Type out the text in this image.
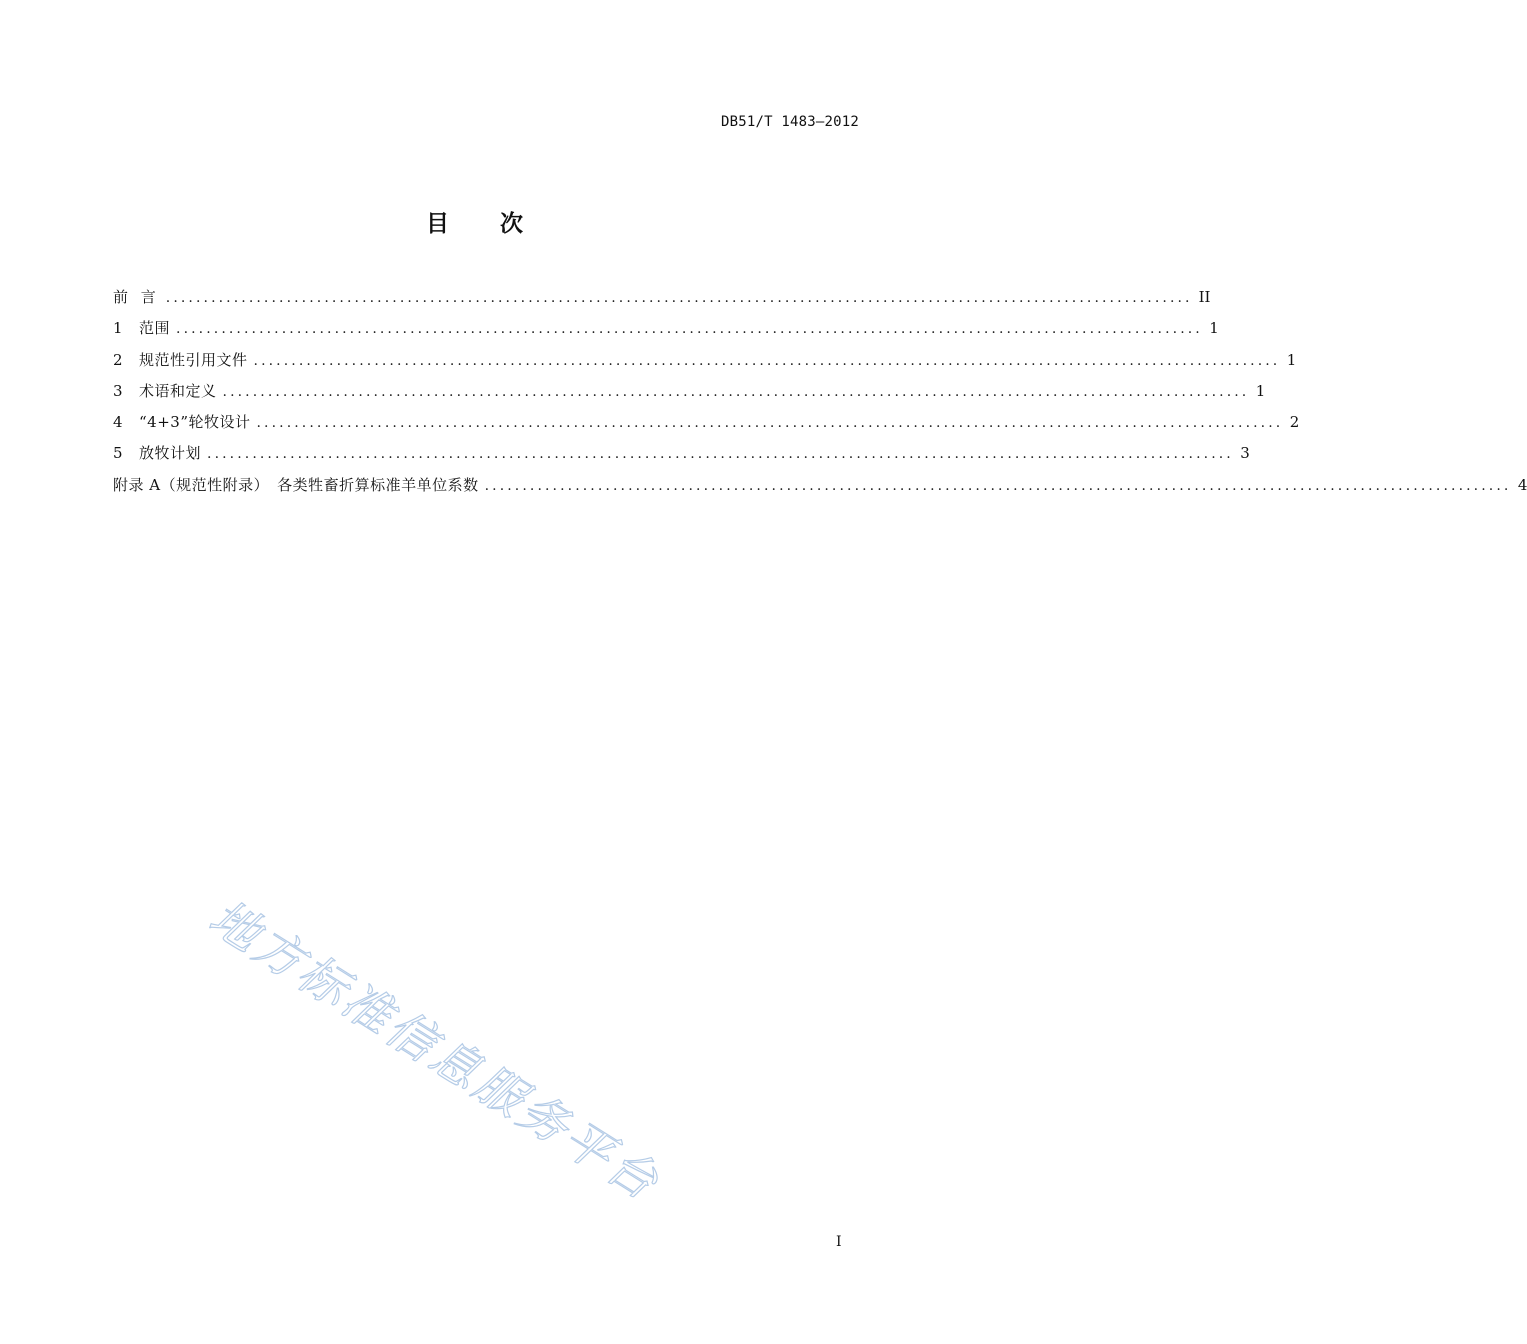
DB51/T 1483—2012
目 次
前 言 ........................................................................................................................................ II
1	范围 ........................................................................................................................................ 1
2	规范性引用文件 ........................................................................................................................................ 1
3	术语和定义 ........................................................................................................................................ 1
4	“4+3”轮牧设计 ........................................................................................................................................ 2
5	放牧计划 ........................................................................................................................................ 3
附录 A（规范性附录）　各类牲畜折算标准羊单位系数 ........................................................................................................................................ 4
地方标准信息服务平台
I
